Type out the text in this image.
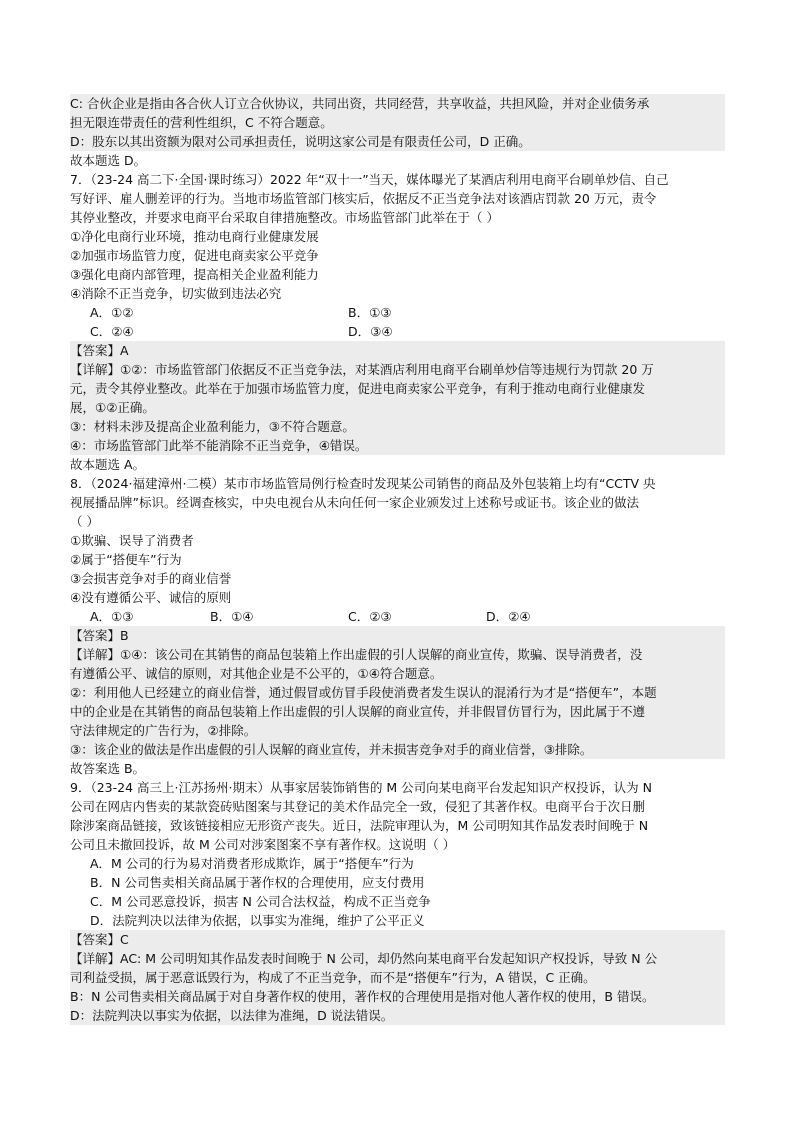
C: 合伙企业是指由各合伙人订立合伙协议，共同出资，共同经营，共享收益，共担风险，并对企业债务承
担无限连带责任的营利性组织，C 不符合题意。
D：股东以其出资额为限对公司承担责任，说明这家公司是有限责任公司，D 正确。
故本题选 D。
7．（23-24 高二下·全国·课时练习）2022 年“双十一”当天，媒体曝光了某酒店利用电商平台刷单炒信、自己
写好评、雇人删差评的行为。当地市场监管部门核实后，依据反不正当竞争法对该酒店罚款 20 万元，责令
其停业整改，并要求电商平台采取自律措施整改。市场监管部门此举在于（ ）
①净化电商行业环境，推动电商行业健康发展
②加强市场监管力度，促进电商卖家公平竞争
③强化电商内部管理，提高相关企业盈利能力
④消除不正当竞争，切实做到违法必究
A．①②	B．①③
C．②④	D．③④
【答案】A
【详解】①②：市场监管部门依据反不正当竞争法，对某酒店利用电商平台刷单炒信等违规行为罚款 20 万
元，责令其停业整改。此举在于加强市场监管力度，促进电商卖家公平竞争，有利于推动电商行业健康发
展，①②正确。
③：材料未涉及提高企业盈利能力，③不符合题意。
④：市场监管部门此举不能消除不正当竞争，④错误。
故本题选 A。
8．（2024·福建漳州·二模）某市市场监管局例行检查时发现某公司销售的商品及外包装箱上均有“CCTV 央
视展播品牌”标识。经调查核实，中央电视台从未向任何一家企业颁发过上述称号或证书。该企业的做法
（ ）
①欺骗、误导了消费者
②属于“搭便车”行为
③会损害竞争对手的商业信誉
④没有遵循公平、诚信的原则
A．①③	B．①④	C．②③	D．②④
【答案】B
【详解】①④：该公司在其销售的商品包装箱上作出虚假的引人误解的商业宣传，欺骗、误导消费者，没
有遵循公平、诚信的原则，对其他企业是不公平的，①④符合题意。
②：利用他人已经建立的商业信誉，通过假冒或仿冒手段使消费者发生误认的混淆行为才是“搭便车”，本题
中的企业是在其销售的商品包装箱上作出虚假的引人误解的商业宣传，并非假冒仿冒行为，因此属于不遵
守法律规定的广告行为，②排除。
③：该企业的做法是作出虚假的引人误解的商业宣传，并未损害竞争对手的商业信誉，③排除。
故答案选 B。
9．（23-24 高三上·江苏扬州·期末）从事家居装饰销售的 M 公司向某电商平台发起知识产权投诉，认为 N
公司在网店内售卖的某款瓷砖贴图案与其登记的美术作品完全一致，侵犯了其著作权。电商平台于次日删
除涉案商品链接，致该链接相应无形资产丧失。近日，法院审理认为，M 公司明知其作品发表时间晚于 N
公司且未撤回投诉，故 M 公司对涉案图案不享有著作权。这说明（ ）
A．M 公司的行为易对消费者形成欺诈，属于“搭便车”行为
B．N 公司售卖相关商品属于著作权的合理使用，应支付费用
C．M 公司恶意投诉，损害 N 公司合法权益，构成不正当竞争
D．法院判决以法律为依据，以事实为准绳，维护了公平正义
【答案】C
【详解】AC: M 公司明知其作品发表时间晚于 N 公司，却仍然向某电商平台发起知识产权投诉，导致 N 公
司利益受损，属于恶意诋毁行为，构成了不正当竞争，而不是“搭便车”行为，A 错误，C 正确。
B：N 公司售卖相关商品属于对自身著作权的使用，著作权的合理使用是指对他人著作权的使用，B 错误。
D：法院判决以事实为依据，以法律为准绳，D 说法错误。
